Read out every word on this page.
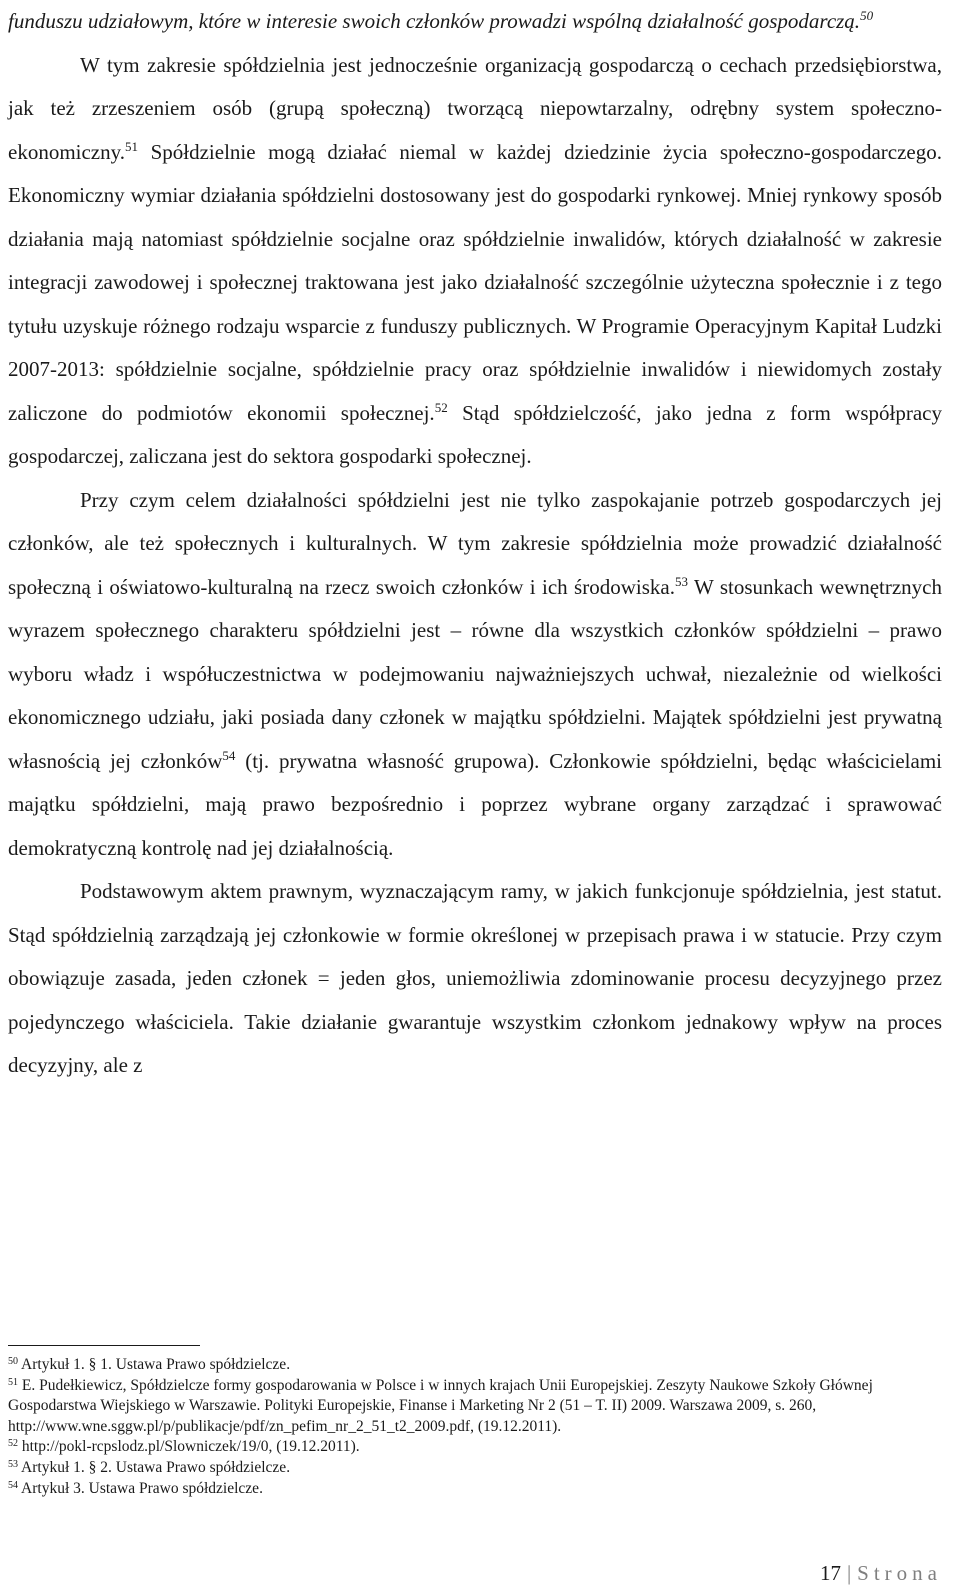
funduszu udziałowym, które w interesie swoich członków prowadzi wspólną działalność gospodarczą.$^{50}$

W tym zakresie spółdzielnia jest jednocześnie organizacją gospodarczą o cechach przedsiębiorstwa, jak też zrzeszeniem osób (grupą społeczną) tworzącą niepowtarzalny, odrębny system społeczno-ekonomiczny.$^{51}$ Spółdzielnie mogą działać niemal w każdej dziedzinie życia społeczno-gospodarczego. Ekonomiczny wymiar działania spółdzielni dostosowany jest do gospodarki rynkowej. Mniej rynkowy sposób działania mają natomiast spółdzielnie socjalne oraz spółdzielnie inwalidów, których działalność w zakresie integracji zawodowej i społecznej traktowana jest jako działalność szczególnie użyteczna społecznie i z tego tytułu uzyskuje różnego rodzaju wsparcie z funduszy publicznych. W Programie Operacyjnym Kapitał Ludzki 2007-2013: spółdzielnie socjalne, spółdzielnie pracy oraz spółdzielnie inwalidów i niewidomych zostały zaliczone do podmiotów ekonomii społecznej.$^{52}$ Stąd spółdzielczość, jako jedna z form współpracy gospodarczej, zaliczana jest do sektora gospodarki społecznej.

Przy czym celem działalności spółdzielni jest nie tylko zaspokajanie potrzeb gospodarczych jej członków, ale też społecznych i kulturalnych. W tym zakresie spółdzielnia może prowadzić działalność społeczną i oświatowo-kulturalną na rzecz swoich członków i ich środowiska.$^{53}$ W stosunkach wewnętrznych wyrazem społecznego charakteru spółdzielni jest – równe dla wszystkich członków spółdzielni – prawo wyboru władz i współuczestnictwa w podejmowaniu najważniejszych uchwał, niezależnie od wielkości ekonomicznego udziału, jaki posiada dany członek w majątku spółdzielni. Majątek spółdzielni jest prywatną własnością jej członków$^{54}$ (tj. prywatna własność grupowa). Członkowie spółdzielni, będąc właścicielami majątku spółdzielni, mają prawo bezpośrednio i poprzez wybrane organy zarządzać i sprawować demokratyczną kontrolę nad jej działalnością.

Podstawowym aktem prawnym, wyznaczającym ramy, w jakich funkcjonuje spółdzielnia, jest statut. Stąd spółdzielnią zarządzają jej członkowie w formie określonej w przepisach prawa i w statucie. Przy czym obowiązuje zasada, jeden członek = jeden głos, uniemożliwia zdominowanie procesu decyzyjnego przez pojedynczego właściciela. Takie działanie gwarantuje wszystkim członkom jednakowy wpływ na proces decyzyjny, ale z

$^{50}$ Artykuł 1. § 1. Ustawa Prawo spółdzielcze.

$^{51}$ E. Pudełkiewicz, Spółdzielcze formy gospodarowania w Polsce i w innych krajach Unii Europejskiej. Zeszyty Naukowe Szkoły Głównej Gospodarstwa Wiejskiego w Warszawie. Polityki Europejskie, Finanse i Marketing Nr 2 (51 – T. II) 2009. Warszawa 2009, s. 260, http://www.wne.sggw.pl/p/publikacje/pdf/zn_pefim_nr_2_51_t2_2009.pdf, (19.12.2011).

$^{52}$ http://pokl-rcpslodz.pl/Slowniczek/19/0, (19.12.2011).

$^{53}$ Artykuł 1. § 2. Ustawa Prawo spółdzielcze.

$^{54}$ Artykuł 3. Ustawa Prawo spółdzielcze.

17 | Strona
